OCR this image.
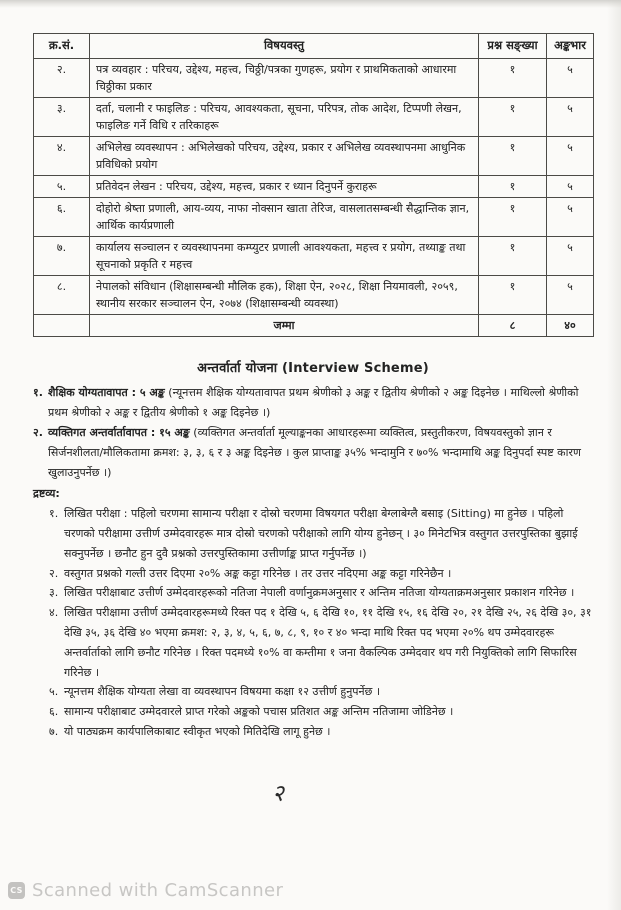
क्र.सं.	विषयवस्तु	प्रश्न सङ्ख्या	अङ्कभार
२.	पत्र व्यवहार : परिचय, उद्देश्य, महत्त्व, चिठ्ठी/पत्रका गुणहरू, प्रयोग र प्राथमिकताको आधारमा चिठ्ठीका प्रकार	१	५
३.	दर्ता, चलानी र फाइलिङ : परिचय, आवश्यकता, सूचना, परिपत्र, तोक आदेश, टिप्पणी लेखन, फाइलिङ गर्ने विधि र तरिकाहरू	१	५
४.	अभिलेख व्यवस्थापन : अभिलेखको परिचय, उद्देश्य, प्रकार र अभिलेख व्यवस्थापनमा आधुनिक प्रविधिको प्रयोग	१	५
५.	प्रतिवेदन लेखन : परिचय, उद्देश्य, महत्त्व, प्रकार र ध्यान दिनुपर्ने कुराहरू	१	५
६.	दोहोरो श्रेष्ता प्रणाली, आय-व्यय, नाफा नोक्सान खाता तेरिज, वासलातसम्बन्धी सैद्धान्तिक ज्ञान, आर्थिक कार्यप्रणाली	१	५
७.	कार्यालय सञ्चालन र व्यवस्थापनमा कम्प्युटर प्रणाली आवश्यकता, महत्त्व र प्रयोग, तथ्याङ्क तथा सूचनाको प्रकृति र महत्त्व	१	५
८.	नेपालको संविधान (शिक्षासम्बन्धी मौलिक हक), शिक्षा ऐन, २०२८, शिक्षा नियमावली, २०५९, स्थानीय सरकार सञ्चालन ऐन, २०७४ (शिक्षासम्बन्धी व्यवस्था)	१	५
	जम्मा	८	४०
अन्तर्वार्ता योजना (Interview Scheme)
१. शैक्षिक योग्यतावापत : ५ अङ्क (न्यूनत्तम शैक्षिक योग्यतावापत प्रथम श्रेणीको ३ अङ्क र द्वितीय श्रेणीको २ अङ्क दिइनेछ । माथिल्लो श्रेणीको प्रथम श्रेणीको २ अङ्क र द्वितीय श्रेणीको १ अङ्क दिइनेछ ।)
२. व्यक्तिगत अन्तर्वार्तावापत : १५ अङ्क (व्यक्तिगत अन्तर्वार्ता मूल्याङ्कनका आधारहरूमा व्यक्तित्व, प्रस्तुतीकरण, विषयवस्तुको ज्ञान र सिर्जनशीलता/मौलिकतामा क्रमश: ३, ३, ६ र ३ अङ्क दिइनेछ । कुल प्राप्ताङ्क ३५% भन्दामुनि र ७०% भन्दामाथि अङ्क दिनुपर्दा स्पष्ट कारण खुलाउनुपर्नेछ ।)
द्रष्टव्य:
१. लिखित परीक्षा : पहिलो चरणमा सामान्य परीक्षा र दोस्रो चरणमा विषयगत परीक्षा बेग्लाबेग्लै बसाइ (Sitting) मा हुनेछ । पहिलो चरणको परीक्षामा उत्तीर्ण उम्मेदवारहरू मात्र दोस्रो चरणको परीक्षाको लागि योग्य हुनेछन् । ३० मिनेटभित्र वस्तुगत उत्तरपुस्तिका बुझाई सक्नुपर्नेछ । छनौट हुन दुवै प्रश्नको उत्तरपुस्तिकामा उत्तीर्णाङ्क प्राप्त गर्नुपर्नेछ ।)
२. वस्तुगत प्रश्नको गल्ती उत्तर दिएमा २०% अङ्क कट्टा गरिनेछ । तर उत्तर नदिएमा अङ्क कट्टा गरिनेछैन ।
३. लिखित परीक्षाबाट उत्तीर्ण उम्मेदवारहरूको नतिजा नेपाली वर्णानुक्रमअनुसार र अन्तिम नतिजा योग्यताक्रमअनुसार प्रकाशन गरिनेछ ।
४. लिखित परीक्षामा उत्तीर्ण उम्मेदवारहरूमध्ये रिक्त पद १ देखि ५, ६ देखि १०, ११ देखि १५, १६ देखि २०, २१ देखि २५, २६ देखि ३०, ३१ देखि ३५, ३६ देखि ४० भएमा क्रमश: २, ३, ४, ५, ६, ७, ८, ९, १० र ४० भन्दा माथि रिक्त पद भएमा २०% थप उम्मेदवारहरू अन्तर्वार्ताको लागि छनौट गरिनेछ । रिक्त पदमध्ये १०% वा कम्तीमा १ जना वैकल्पिक उम्मेदवार थप गरी नियुक्तिको लागि सिफारिस गरिनेछ ।
५. न्यूनत्तम शैक्षिक योग्यता लेखा वा व्यवस्थापन विषयमा कक्षा १२ उत्तीर्ण हुनुपर्नेछ ।
६. सामान्य परीक्षाबाट उम्मेदवारले प्राप्त गरेको अङ्कको पचास प्रतिशत अङ्क अन्तिम नतिजामा जोडिनेछ ।
७. यो पाठ्यक्रम कार्यपालिकाबाट स्वीकृत भएको मितिदेखि लागू हुनेछ ।
२
CS Scanned with CamScanner
